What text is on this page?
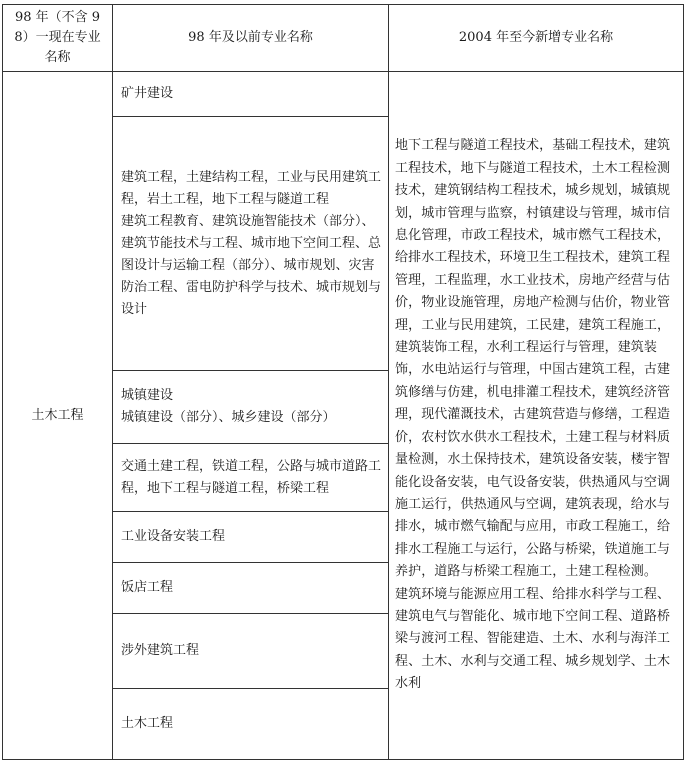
98 年（不含 98）一现在专业名称	98 年及以前专业名称	2004 年至今新增专业名称
土木工程	矿井建设	地下工程与隧道工程技术，基础工程技术，建筑工程技术，地下与隧道工程技术，土木工程检测技术，建筑钢结构工程技术，城乡规划，城镇规划，城市管理与监察，村镇建设与管理，城市信息化管理，市政工程技术，城市燃气工程技术，给排水工程技术，环境卫生工程技术，建筑工程管理，工程监理，水工业技术，房地产经营与估价，物业设施管理，房地产检测与估价，物业管理，工业与民用建筑，工民建，建筑工程施工，建筑装饰工程，水利工程运行与管理，建筑装饰，水电站运行与管理，中国古建筑工程，古建筑修缮与仿建，机电排灌工程技术，建筑经济管理，现代灌溉技术，古建筑营造与修缮，工程造价，农村饮水供水工程技术，土建工程与材料质量检测，水土保持技术，建筑设备安装，楼宇智能化设备安装，电气设备安装，供热通风与空调施工运行，供热通风与空调，建筑表现，给水与排水，城市燃气输配与应用，市政工程施工，给排水工程施工与运行，公路与桥梁，铁道施工与养护，道路与桥梁工程施工，土建工程检测。
建筑环境与能源应用工程、给排水科学与工程、建筑电气与智能化、城市地下空间工程、道路桥梁与渡河工程、智能建造、土木、水利与海洋工程、土木、水利与交通工程、城乡规划学、土木水利

	建筑工程，土建结构工程，工业与民用建筑工程，岩土工程，地下工程与隧道工程
建筑工程教育、建筑设施智能技术（部分）、建筑节能技术与工程、城市地下空间工程、总图设计与运输工程（部分）、城市规划、灾害防治工程、雷电防护科学与技术、城市规划与设计	

	城镇建设
城镇建设（部分）、城乡建设（部分）	

	交通土建工程，铁道工程，公路与城市道路工程，地下工程与隧道工程，桥梁工程	

	工业设备安装工程	

	饭店工程	

	涉外建筑工程	

	土木工程	
